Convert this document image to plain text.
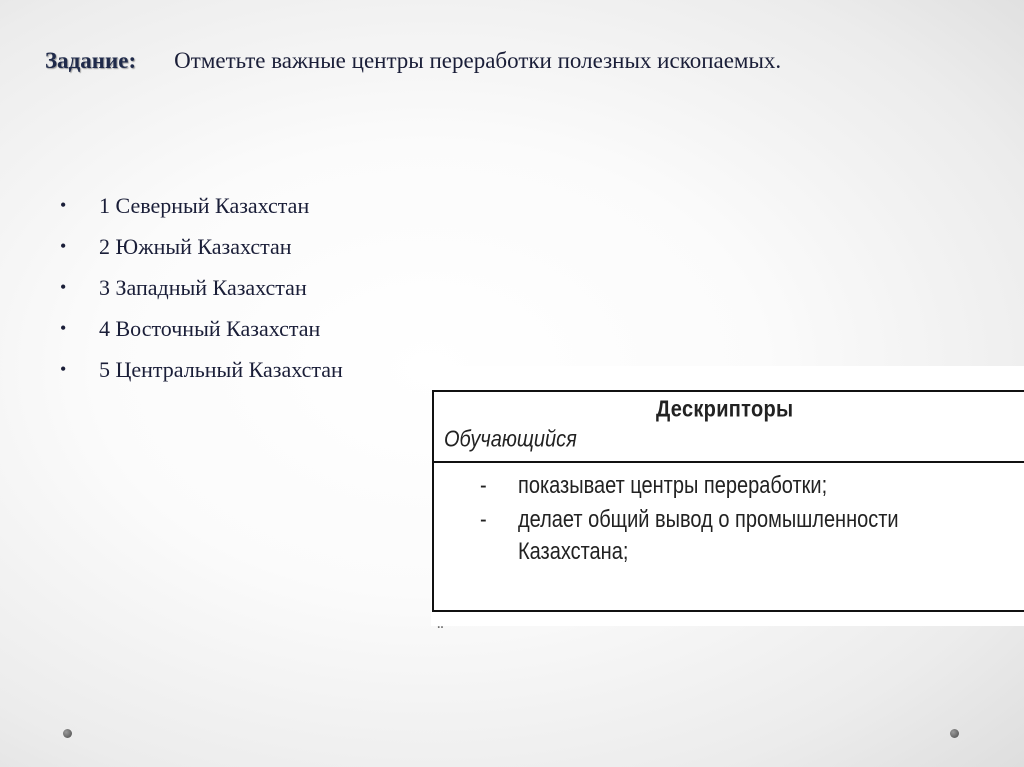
Задание: Отметьте важные центры переработки полезных ископаемых.
•	1 Северный Казахстан
•	2 Южный Казахстан
•	3 Западный Казахстан
•	4 Восточный Казахстан
•	5 Центральный Казахстан
Дескрипторы
Обучающийся
- показывает центры переработки;
- делает общий вывод о промышленности
Казахстана;
‥
